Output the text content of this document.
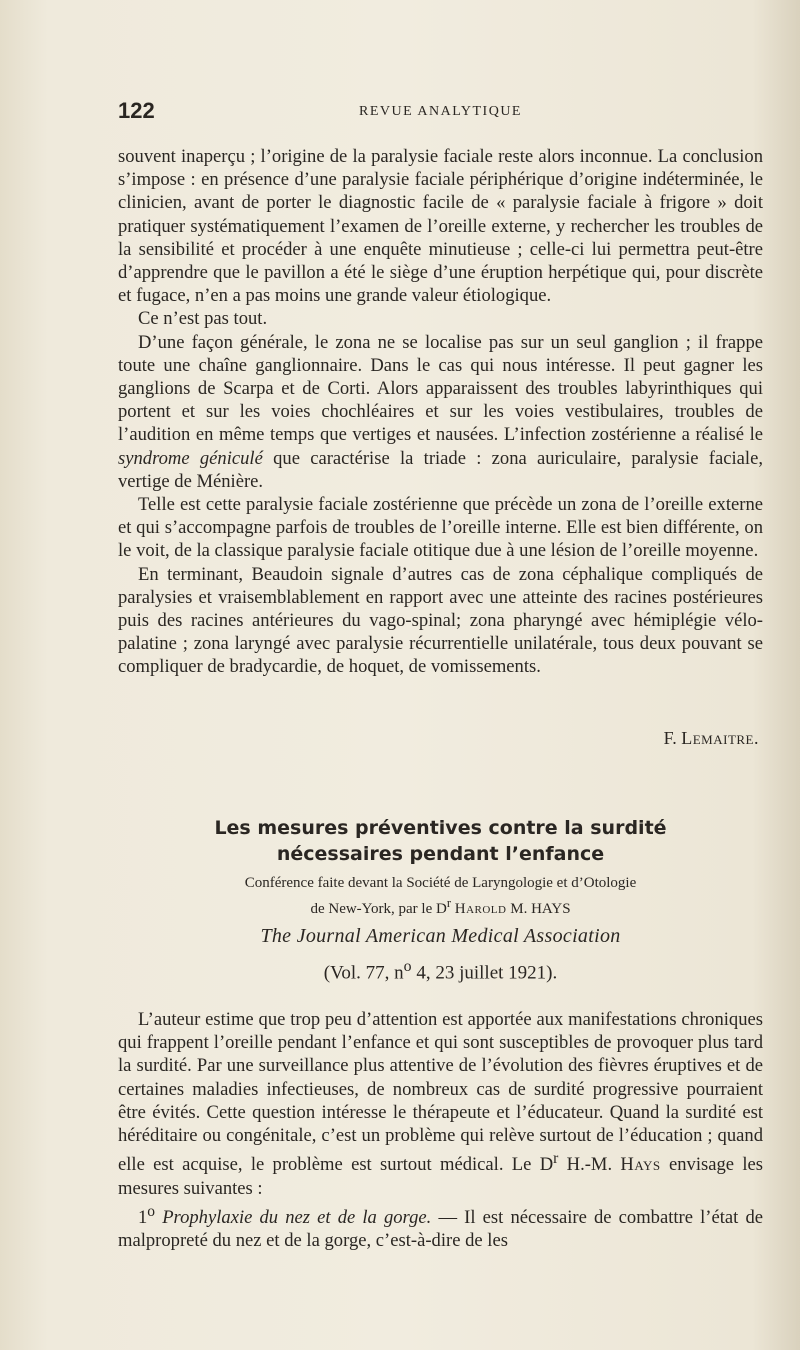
122	REVUE ANALYTIQUE

souvent inaperçu ; l’origine de la paralysie faciale reste alors inconnue. La conclusion s’impose : en présence d’une paralysie faciale périphérique d’origine indéterminée, le clinicien, avant de porter le diagnostic facile de « paralysie faciale à frigore » doit pratiquer systématiquement l’examen de l’oreille externe, y rechercher les troubles de la sensibilité et procéder à une enquête minutieuse ; celle-ci lui permettra peut-être d’apprendre que le pavillon a été le siège d’une éruption herpétique qui, pour discrète et fugace, n’en a pas moins une grande valeur étiologique.

Ce n’est pas tout.

D’une façon générale, le zona ne se localise pas sur un seul ganglion ; il frappe toute une chaîne ganglionnaire. Dans le cas qui nous intéresse. Il peut gagner les ganglions de Scarpa et de Corti. Alors apparaissent des troubles labyrinthiques qui portent et sur les voies chochléaires et sur les voies vestibulaires, troubles de l’audition en même temps que vertiges et nausées. L’infection zostérienne a réalisé le syndrome géniculé que caractérise la triade : zona auriculaire, paralysie faciale, vertige de Ménière.

Telle est cette paralysie faciale zostérienne que précède un zona de l’oreille externe et qui s’accompagne parfois de troubles de l’oreille interne. Elle est bien différente, on le voit, de la classique paralysie faciale otitique due à une lésion de l’oreille moyenne.

En terminant, Beaudoin signale d’autres cas de zona céphalique compliqués de paralysies et vraisemblablement en rapport avec une atteinte des racines postérieures puis des racines antérieures du vago-spinal; zona pharyngé avec hémiplégie vélo-palatine ; zona laryngé avec paralysie récurrentielle unilatérale, tous deux pouvant se compliquer de bradycardie, de hoquet, de vomissements.

F. Lemaitre.
Les mesures préventives contre la surdité
nécessaires pendant l’enfance
Conférence faite devant la Société de Laryngologie et d’Otologie
de New-York, par le $D^r$ Harold M. HAYS
The Journal American Medical Association
(Vol. 77, $n^o$ 4, 23 juillet 1921).

L’auteur estime que trop peu d’attention est apportée aux manifestations chroniques qui frappent l’oreille pendant l’enfance et qui sont susceptibles de provoquer plus tard la surdité. Par une surveillance plus attentive de l’évolution des fièvres éruptives et de certaines maladies infectieuses, de nombreux cas de surdité progressive pourraient être évités. Cette question intéresse le thérapeute et l’éducateur. Quand la surdité est héréditaire ou congénitale, c’est un problème qui relève surtout de l’éducation ; quand elle est acquise, le problème est surtout médical. Le $D^r$ H.-M. Hays envisage les mesures suivantes :

1$^o$ Prophylaxie du nez et de la gorge. — Il est nécessaire de combattre l’état de malpropreté du nez et de la gorge, c’est-à-dire de les
